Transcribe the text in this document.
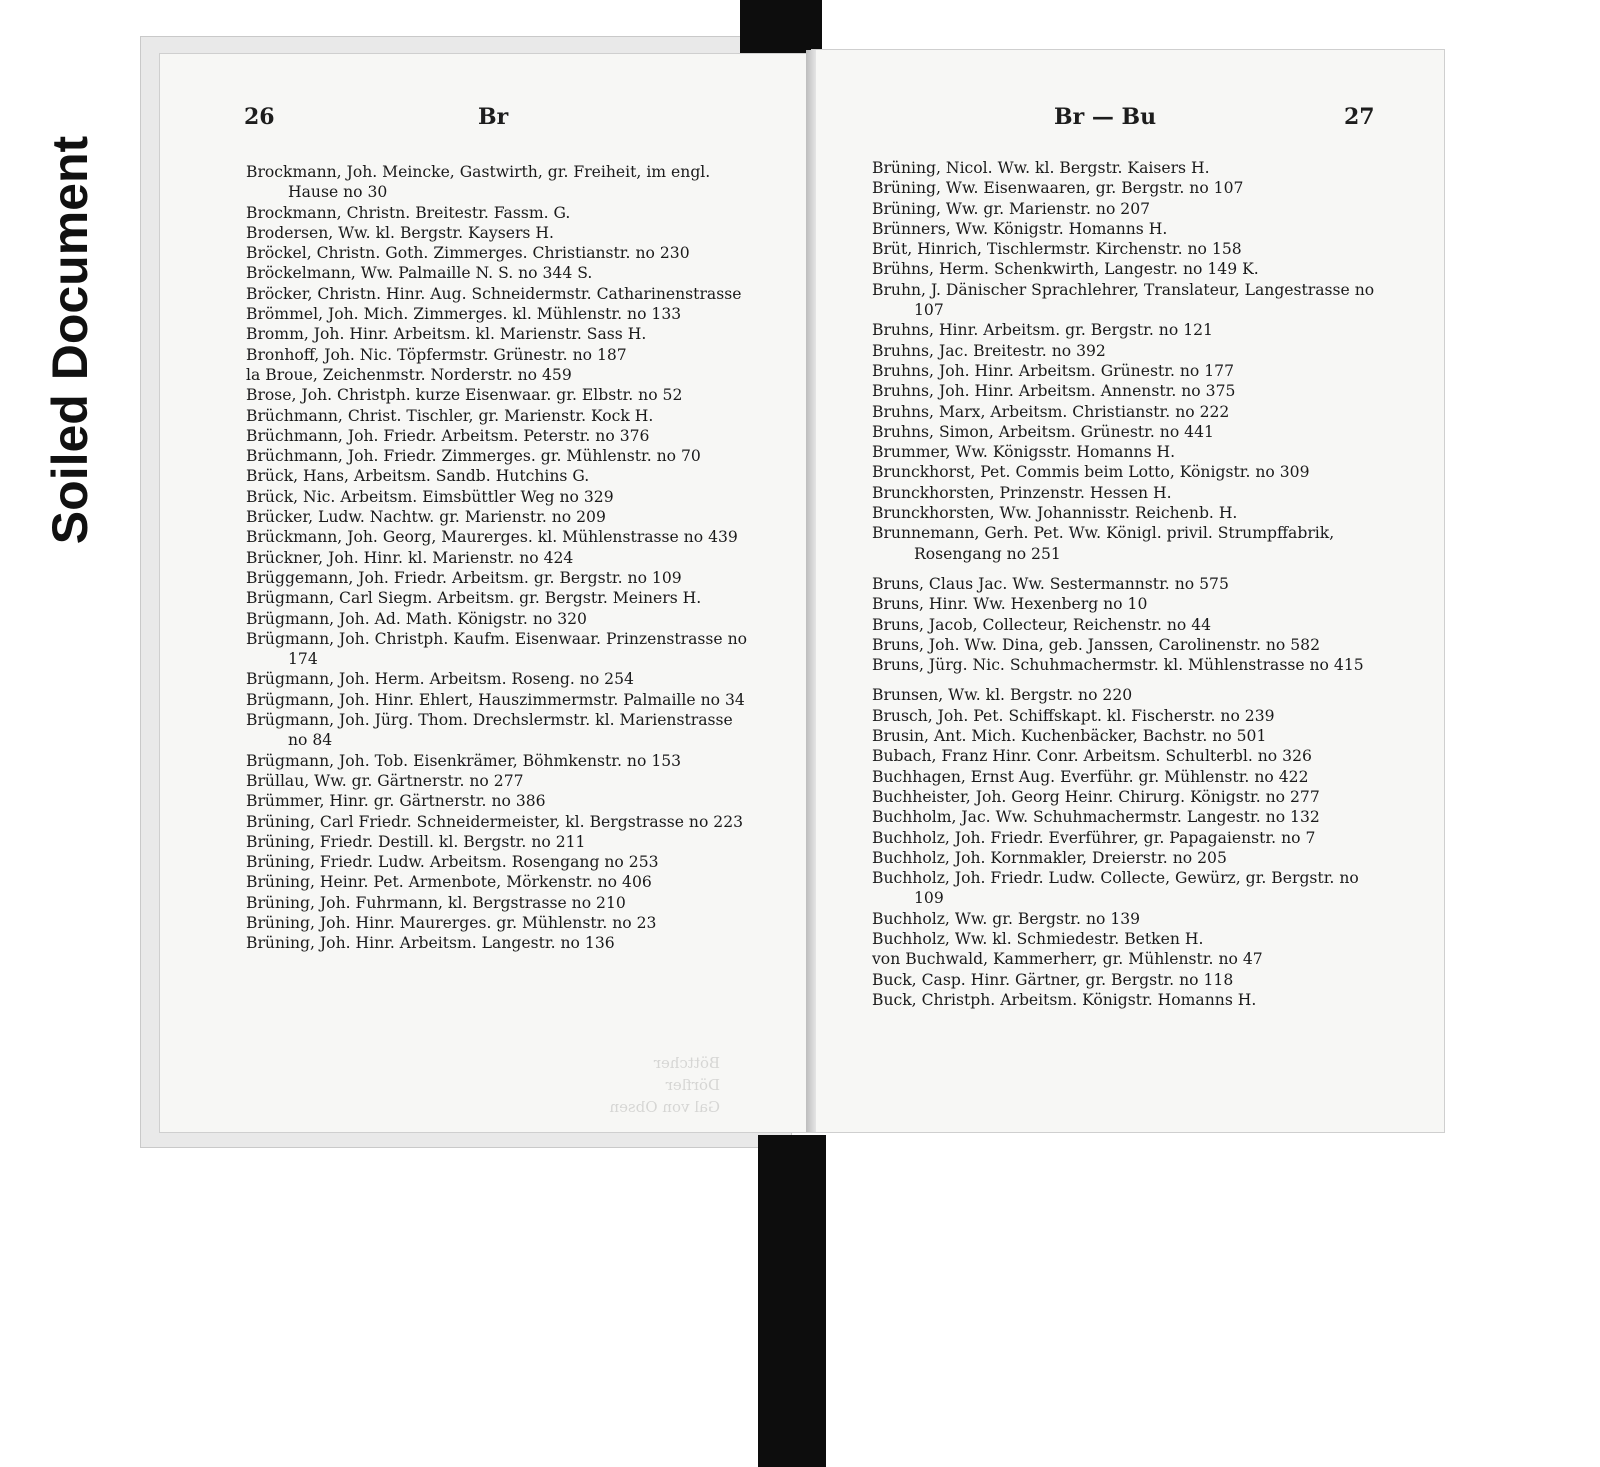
Soiled Document
26	Br	Br — Bu	27
Brockmann, Joh. Meincke, Gastwirth, gr. Freiheit, im engl. Hause no 30
Brockmann, Christn. Breitestr. Fassm. G.
Brodersen, Ww. kl. Bergstr. Kaysers H.
Bröckel, Christn. Goth. Zimmerges. Christianstr. no 230
Bröckelmann, Ww. Palmaille N. S. no 344 S.
Bröcker, Christn. Hinr. Aug. Schneidermstr. Catharinenstrasse
Brömmel, Joh. Mich. Zimmerges. kl. Mühlenstr. no 133
Bromm, Joh. Hinr. Arbeitsm. kl. Marienstr. Sass H.
Bronhoff, Joh. Nic. Töpfermstr. Grünestr. no 187
la Broue, Zeichenmstr. Norderstr. no 459
Brose, Joh. Christph. kurze Eisenwaar. gr. Elbstr. no 52
Brüchmann, Christ. Tischler, gr. Marienstr. Kock H.
Brüchmann, Joh. Friedr. Arbeitsm. Peterstr. no 376
Brüchmann, Joh. Friedr. Zimmerges. gr. Mühlenstr. no 70
Brück, Hans, Arbeitsm. Sandb. Hutchins G.
Brück, Nic. Arbeitsm. Eimsbüttler Weg no 329
Brücker, Ludw. Nachtw. gr. Marienstr. no 209
Brückmann, Joh. Georg, Maurerges. kl. Mühlenstrasse no 439
Brückner, Joh. Hinr. kl. Marienstr. no 424
Brüggemann, Joh. Friedr. Arbeitsm. gr. Bergstr. no 109
Brügmann, Carl Siegm. Arbeitsm. gr. Bergstr. Meiners H.
Brügmann, Joh. Ad. Math. Königstr. no 320
Brügmann, Joh. Christph. Kaufm. Eisenwaar. Prinzenstrasse no 174
Brügmann, Joh. Herm. Arbeitsm. Roseng. no 254
Brügmann, Joh. Hinr. Ehlert, Hauszimmermstr. Palmaille no 34
Brügmann, Joh. Jürg. Thom. Drechslermstr. kl. Marienstrasse no 84
Brügmann, Joh. Tob. Eisenkrämer, Böhmkenstr. no 153
Brüllau, Ww. gr. Gärtnerstr. no 277
Brümmer, Hinr. gr. Gärtnerstr. no 386
Brüning, Carl Friedr. Schneidermeister, kl. Bergstrasse no 223
Brüning, Friedr. Destill. kl. Bergstr. no 211
Brüning, Friedr. Ludw. Arbeitsm. Rosengang no 253
Brüning, Heinr. Pet. Armenbote, Mörkenstr. no 406
Brüning, Joh. Fuhrmann, kl. Bergstrasse no 210
Brüning, Joh. Hinr. Maurerges. gr. Mühlenstr. no 23
Brüning, Joh. Hinr. Arbeitsm. Langestr. no 136
Brüning, Nicol. Ww. kl. Bergstr. Kaisers H.
Brüning, Ww. Eisenwaaren, gr. Bergstr. no 107
Brüning, Ww. gr. Marienstr. no 207
Brünners, Ww. Königstr. Homanns H.
Brüt, Hinrich, Tischlermstr. Kirchenstr. no 158
Brühns, Herm. Schenkwirth, Langestr. no 149 K.
Bruhn, J. Dänischer Sprachlehrer, Translateur, Langestrasse no 107
Bruhns, Hinr. Arbeitsm. gr. Bergstr. no 121
Bruhns, Jac. Breitestr. no 392
Bruhns, Joh. Hinr. Arbeitsm. Grünestr. no 177
Bruhns, Joh. Hinr. Arbeitsm. Annenstr. no 375
Bruhns, Marx, Arbeitsm. Christianstr. no 222
Bruhns, Simon, Arbeitsm. Grünestr. no 441
Brummer, Ww. Königsstr. Homanns H.
Brunckhorst, Pet. Commis beim Lotto, Königstr. no 309
Brunckhorsten, Prinzenstr. Hessen H.
Brunckhorsten, Ww. Johannisstr. Reichenb. H.
Brunnemann, Gerh. Pet. Ww. Königl. privil. Strumpffabrik, Rosengang no 251
Bruns, Claus Jac. Ww. Sestermannstr. no 575
Bruns, Hinr. Ww. Hexenberg no 10
Bruns, Jacob, Collecteur, Reichenstr. no 44
Bruns, Joh. Ww. Dina, geb. Janssen, Carolinenstr. no 582
Bruns, Jürg. Nic. Schuhmachermstr. kl. Mühlenstrasse no 415
Brunsen, Ww. kl. Bergstr. no 220
Brusch, Joh. Pet. Schiffskapt. kl. Fischerstr. no 239
Brusin, Ant. Mich. Kuchenbäcker, Bachstr. no 501
Bubach, Franz Hinr. Conr. Arbeitsm. Schulterbl. no 326
Buchhagen, Ernst Aug. Everführ. gr. Mühlenstr. no 422
Buchheister, Joh. Georg Heinr. Chirurg. Königstr. no 277
Buchholm, Jac. Ww. Schuhmachermstr. Langestr. no 132
Buchholz, Joh. Friedr. Everführer, gr. Papagaienstr. no 7
Buchholz, Joh. Kornmakler, Dreierstr. no 205
Buchholz, Joh. Friedr. Ludw. Collecte, Gewürz, gr. Bergstr. no 109
Buchholz, Ww. gr. Bergstr. no 139
Buchholz, Ww. kl. Schmiedestr. Betken H.
von Buchwald, Kammerherr, gr. Mühlenstr. no 47
Buck, Casp. Hinr. Gärtner, gr. Bergstr. no 118
Buck, Christph. Arbeitsm. Königstr. Homanns H.
Böttcher
Dörfler
Gal von Obsen
